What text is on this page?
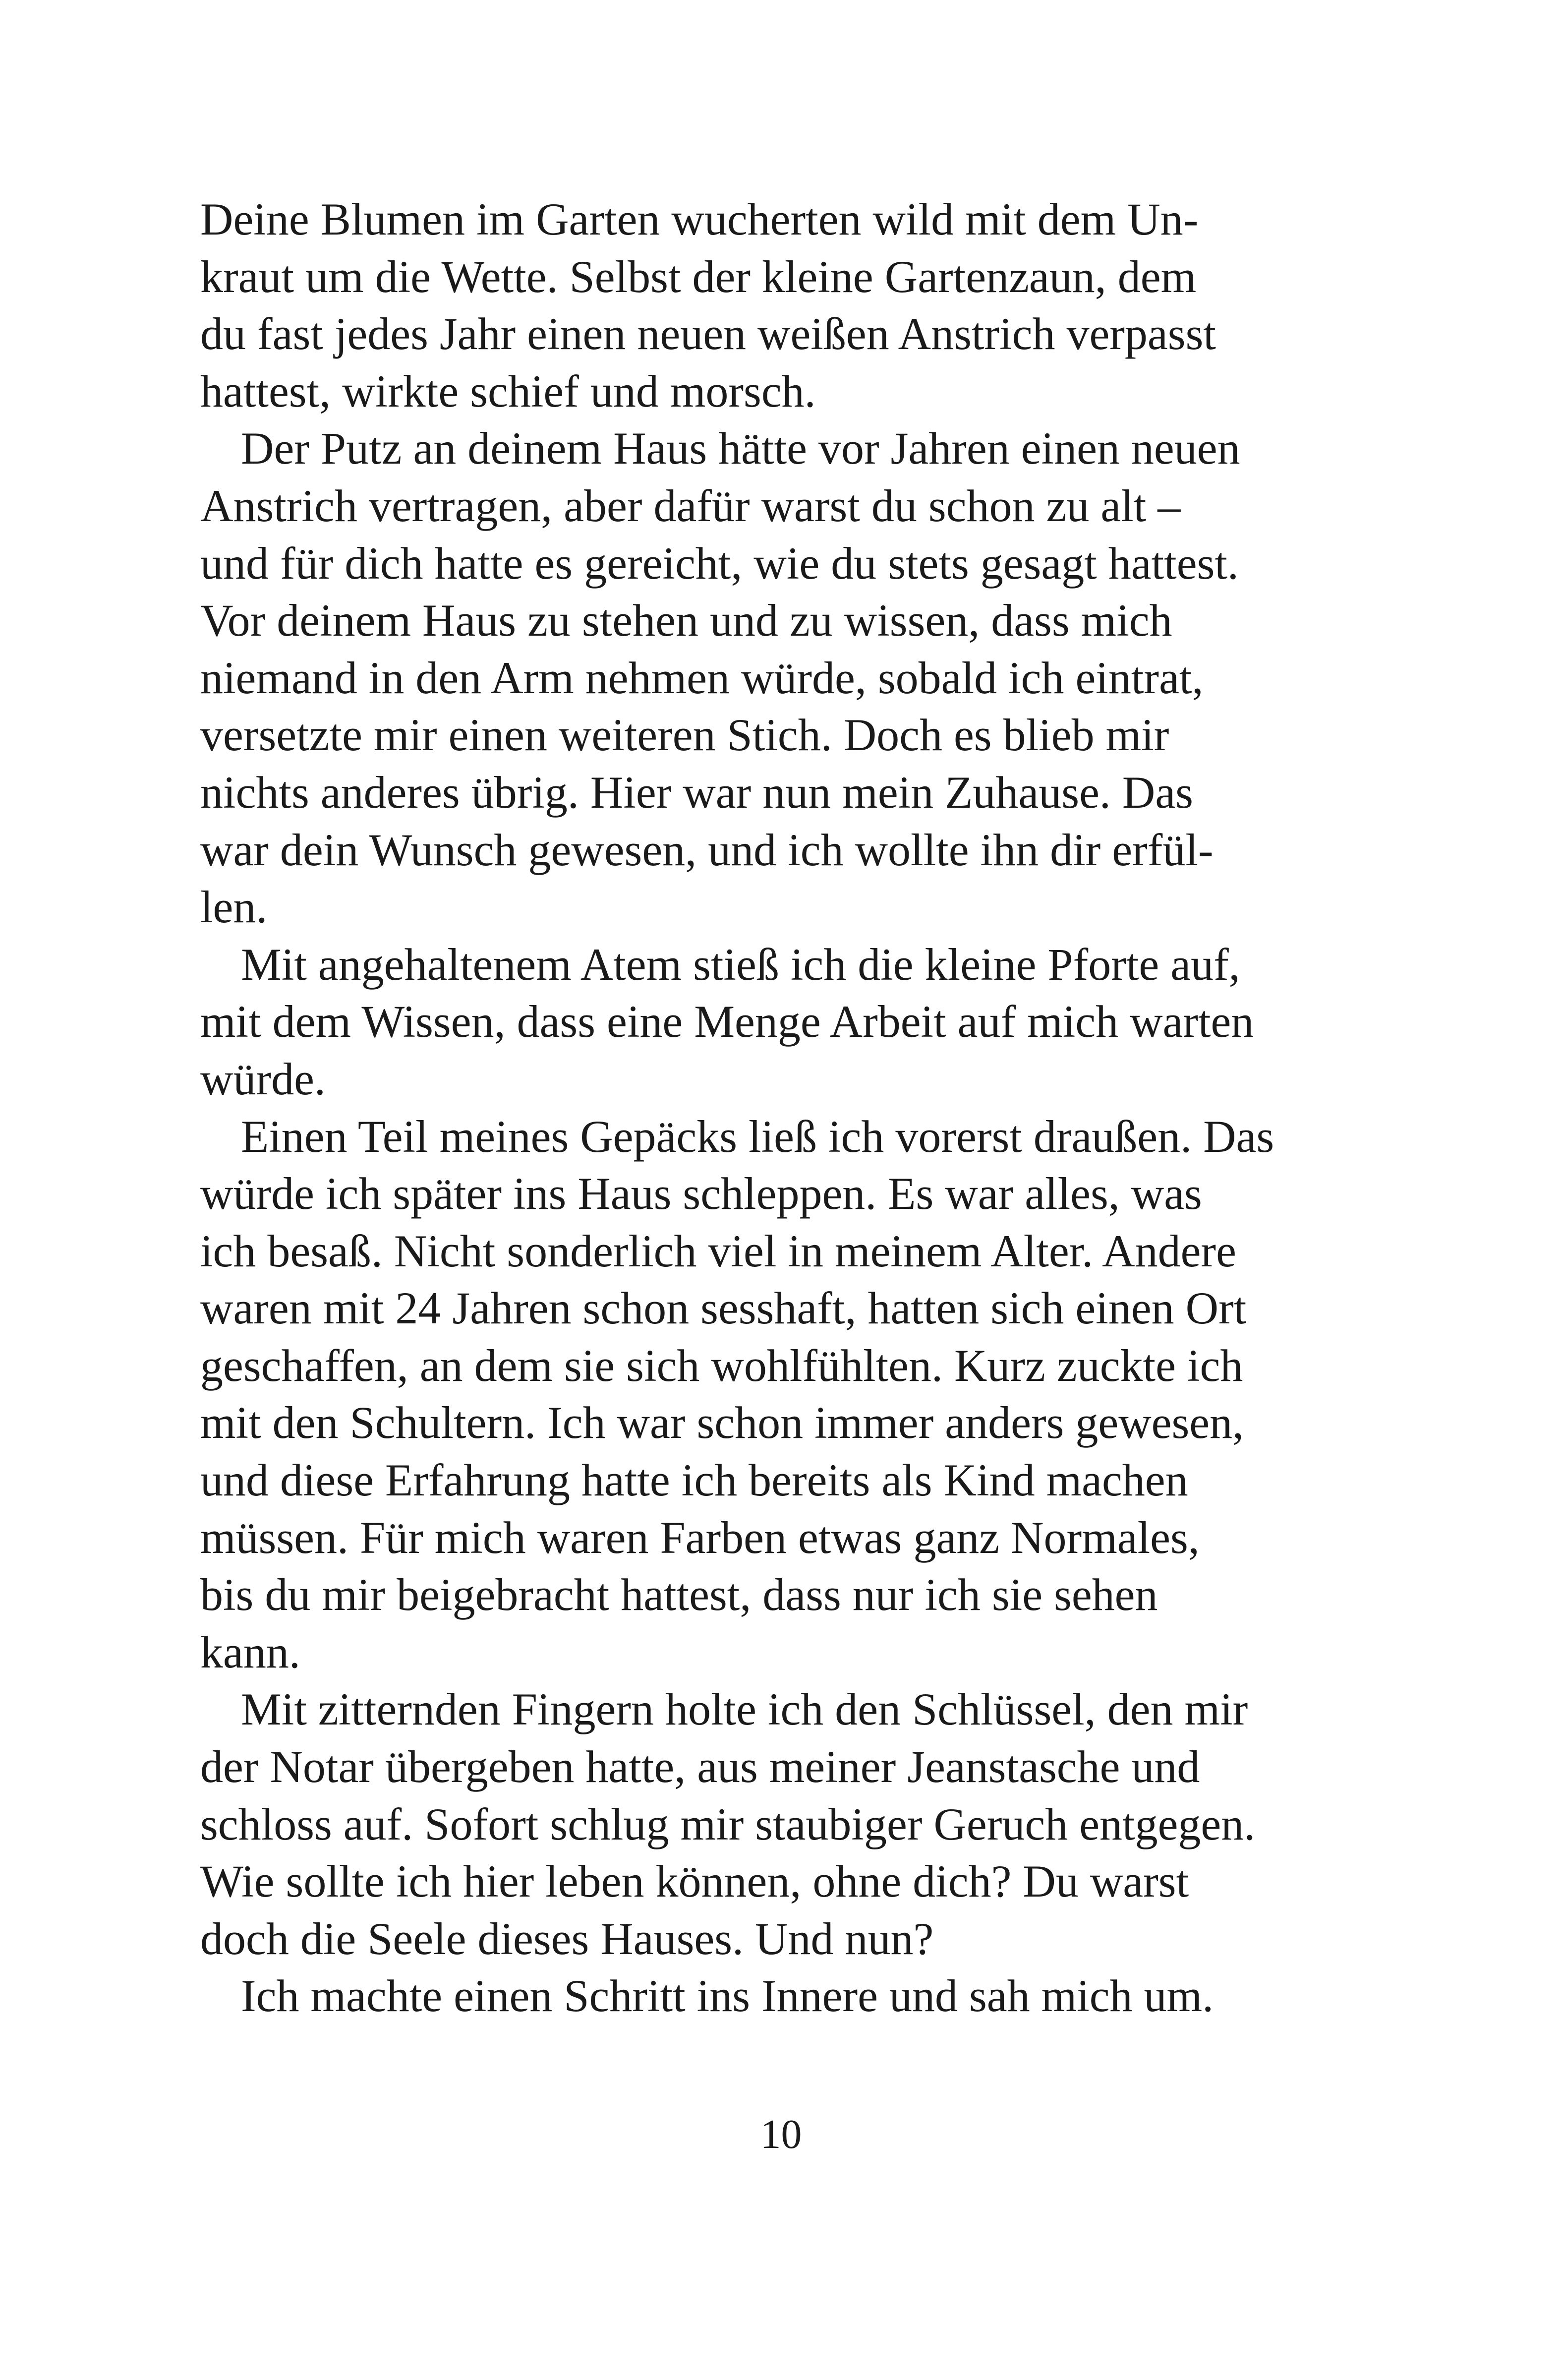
Deine Blumen im Garten wucherten wild mit dem Un-
kraut um die Wette. Selbst der kleine Gartenzaun, dem
du fast jedes Jahr einen neuen weißen Anstrich verpasst
hattest, wirkte schief und morsch.
Der Putz an deinem Haus hätte vor Jahren einen neuen
Anstrich vertragen, aber dafür warst du schon zu alt –
und für dich hatte es gereicht, wie du stets gesagt hattest.
Vor deinem Haus zu stehen und zu wissen, dass mich
niemand in den Arm nehmen würde, sobald ich eintrat,
versetzte mir einen weiteren Stich. Doch es blieb mir
nichts anderes übrig. Hier war nun mein Zuhause. Das
war dein Wunsch gewesen, und ich wollte ihn dir erfül-
len.
Mit angehaltenem Atem stieß ich die kleine Pforte auf,
mit dem Wissen, dass eine Menge Arbeit auf mich warten
würde.
Einen Teil meines Gepäcks ließ ich vorerst draußen. Das
würde ich später ins Haus schleppen. Es war alles, was
ich besaß. Nicht sonderlich viel in meinem Alter. Andere
waren mit 24 Jahren schon sesshaft, hatten sich einen Ort
geschaffen, an dem sie sich wohlfühlten. Kurz zuckte ich
mit den Schultern. Ich war schon immer anders gewesen,
und diese Erfahrung hatte ich bereits als Kind machen
müssen. Für mich waren Farben etwas ganz Normales,
bis du mir beigebracht hattest, dass nur ich sie sehen
kann.
Mit zitternden Fingern holte ich den Schlüssel, den mir
der Notar übergeben hatte, aus meiner Jeanstasche und
schloss auf. Sofort schlug mir staubiger Geruch entgegen.
Wie sollte ich hier leben können, ohne dich? Du warst
doch die Seele dieses Hauses. Und nun?
Ich machte einen Schritt ins Innere und sah mich um.
10
